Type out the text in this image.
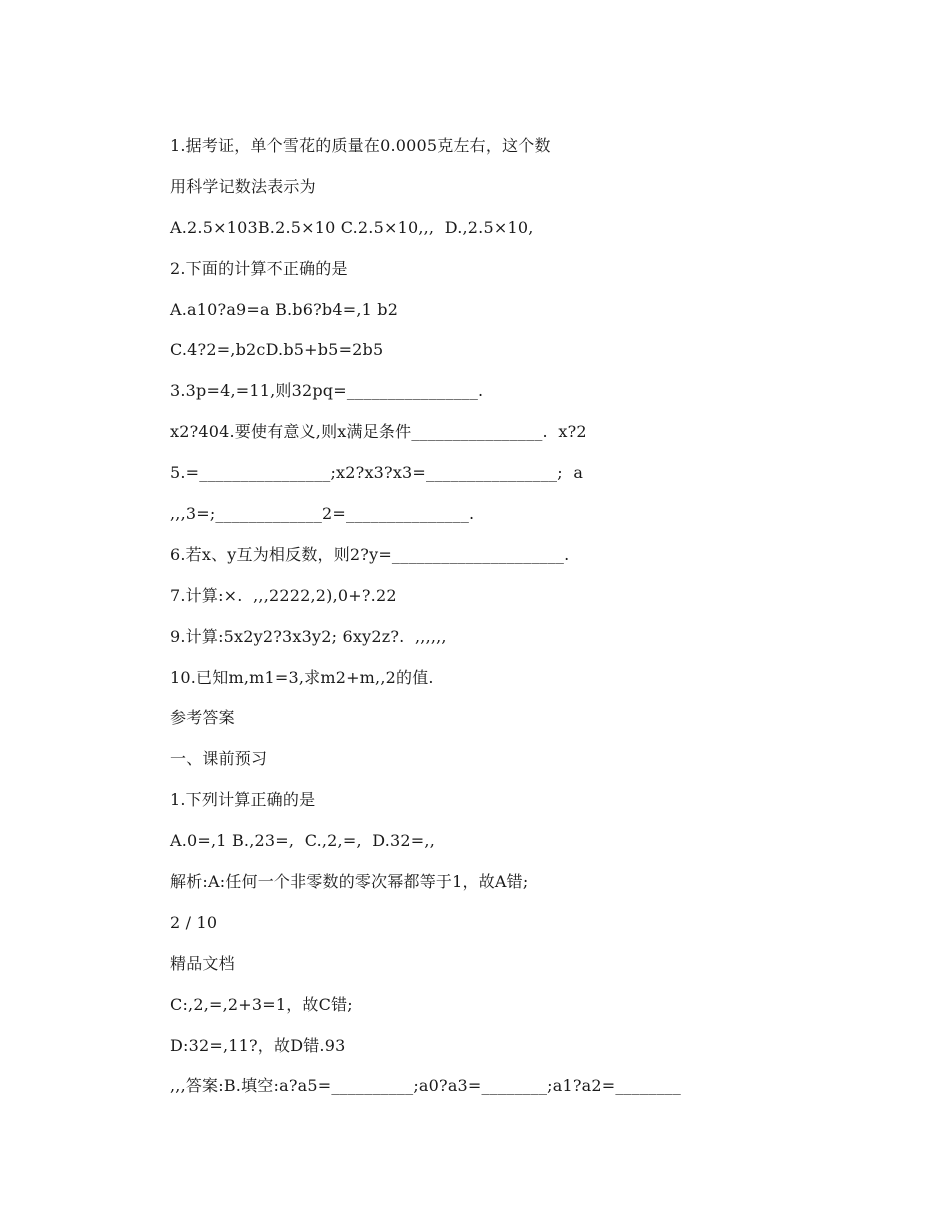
1.据考证，单个雪花的质量在0.0005克左右，这个数
用科学记数法表示为
A.2.5×103B.2.5×10 C.2.5×10,,,  D.,2.5×10,
2.下面的计算不正确的是
A.a10?a9=a B.b6?b4=,1 b2
C.4?2=,b2cD.b5+b5=2b5
3.3p=4,=11,则32pq=________________.
x2?404.要使有意义,则x满足条件________________.  x?2
5.=________________;x2?x3?x3=________________;  a
,,,3=;_____________2=_______________.
6.若x、y互为相反数，则2?y=_____________________.
7.计算:×.  ,,,2222,2),0+?.22
9.计算:5x2y2?3x3y2; 6xy2z?.  ,,,,,,
10.已知m,m1=3,求m2+m,,2的值.
参考答案
一、课前预习
1.下列计算正确的是
A.0=,1 B.,23=,  C.,2,=,  D.32=,,
解析:A:任何一个非零数的零次幂都等于1，故A错;
2 / 10
精品文档
C:,2,=,2+3=1，故C错;
D:32=,11?，故D错.93
,,,答案:B.填空:a?a5=__________;a0?a3=________;a1?a2=________
